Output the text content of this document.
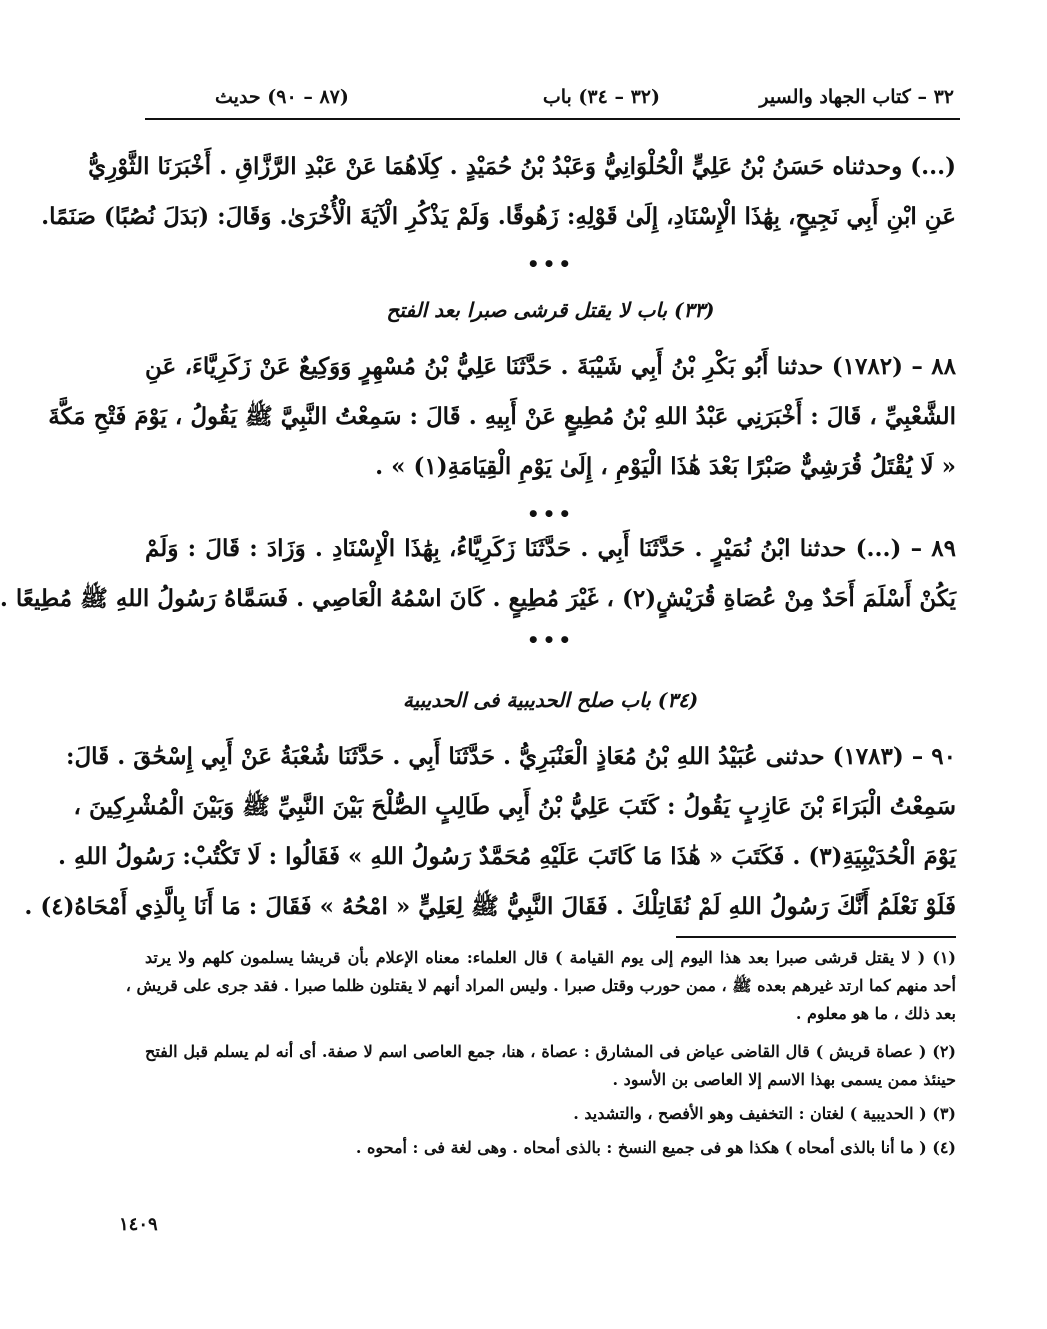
٣٢ – كتاب الجهاد والسير
(٣٢ – ٣٤) باب
(٨٧ – ٩٠) حديث
(...) وحدثناه حَسَنُ بْنُ عَلِيٍّ الْحُلْوَانِيُّ وَعَبْدُ بْنُ حُمَيْدٍ . كِلَاهُمَا عَنْ عَبْدِ الرَّزَّاقِ . أَخْبَرَنَا الثَّوْرِيُّ
عَنِ ابْنِ أَبِي نَجِيحٍ، بِهَٰذَا الْإِسْنَادِ، إِلَىٰ قَوْلِهِ: زَهُوقًا. وَلَمْ يَذْكُرِ الْآيَةَ الْأُخْرَىٰ. وَقَالَ: (بَدَلَ نُصُبًا) صَنَمًا.
•••
(٣٣) باب لا يقتل قرشى صبرا بعد الفتح
٨٨ – (١٧٨٢) حدثنا أَبُو بَكْرِ بْنُ أَبِي شَيْبَةَ . حَدَّثَنَا عَلِيُّ بْنُ مُسْهِرٍ وَوَكِيعٌ عَنْ زَكَرِيَّاءَ، عَنِ
الشَّعْبِيِّ ، قَالَ : أَخْبَرَنِي عَبْدُ اللهِ بْنُ مُطِيعٍ عَنْ أَبِيهِ . قَالَ : سَمِعْتُ النَّبِيَّ ﷺ يَقُولُ ، يَوْمَ فَتْحِ مَكَّةَ
« لَا يُقْتَلُ قُرَشِيٌّ صَبْرًا بَعْدَ هَٰذَا الْيَوْمِ ، إِلَىٰ يَوْمِ الْقِيَامَةِ(١) » .
•••
٨٩ – (...) حدثنا ابْنُ نُمَيْرٍ . حَدَّثَنَا أَبِي . حَدَّثَنَا زَكَرِيَّاءُ، بِهَٰذَا الْإِسْنَادِ . وَزَادَ : قَالَ : وَلَمْ
يَكُنْ أَسْلَمَ أَحَدٌ مِنْ عُصَاةِ قُرَيْشٍ(٢) ، غَيْرَ مُطِيعٍ . كَانَ اسْمُهُ الْعَاصِي . فَسَمَّاهُ رَسُولُ اللهِ ﷺ مُطِيعًا .
•••
(٣٤) باب صلح الحديبية فى الحديبية
٩٠ – (١٧٨٣) حدثنى عُبَيْدُ اللهِ بْنُ مُعَاذٍ الْعَنْبَرِيُّ . حَدَّثَنَا أَبِي . حَدَّثَنَا شُعْبَةُ عَنْ أَبِي إِسْحَٰقَ . قَالَ:
سَمِعْتُ الْبَرَاءَ بْنَ عَازِبٍ يَقُولُ : كَتَبَ عَلِيُّ بْنُ أَبِي طَالِبٍ الصُّلْحَ بَيْنَ النَّبِيِّ ﷺ وَبَيْنَ الْمُشْرِكِينَ ،
يَوْمَ الْحُدَيْبِيَةِ(٣) . فَكَتَبَ « هَٰذَا مَا كَاتَبَ عَلَيْهِ مُحَمَّدٌ رَسُولُ اللهِ » فَقَالُوا : لَا تَكْتُبْ: رَسُولُ اللهِ .
فَلَوْ نَعْلَمُ أَنَّكَ رَسُولُ اللهِ لَمْ نُقَاتِلْكَ . فَقَالَ النَّبِيُّ ﷺ لِعَلِيٍّ « امْحُهُ » فَقَالَ : مَا أَنَا بِالَّذِي أَمْحَاهُ(٤) .
(١) ( لا يقتل قرشى صبرا بعد هذا اليوم إلى يوم القيامة ) قال العلماء: معناه الإعلام بأن قريشا يسلمون كلهم ولا يرتد
أحد منهم كما ارتد غيرهم بعده ﷺ ، ممن حورب وقتل صبرا . وليس المراد أنهم لا يقتلون ظلما صبرا . فقد جرى على قريش ،
بعد ذلك ، ما هو معلوم .
(٢) ( عصاة قريش ) قال القاضى عياض فى المشارق : عصاة ، هنا، جمع العاصى اسم لا صفة. أى أنه لم يسلم قبل الفتح
حينئذ ممن يسمى بهذا الاسم إلا العاصى بن الأسود .
(٣) ( الحديبية ) لغتان : التخفيف وهو الأفصح ، والتشديد .
(٤) ( ما أنا بالذى أمحاه ) هكذا هو فى جميع النسخ : بالذى أمحاه . وهى لغة فى : أمحوه .
١٤٠٩
